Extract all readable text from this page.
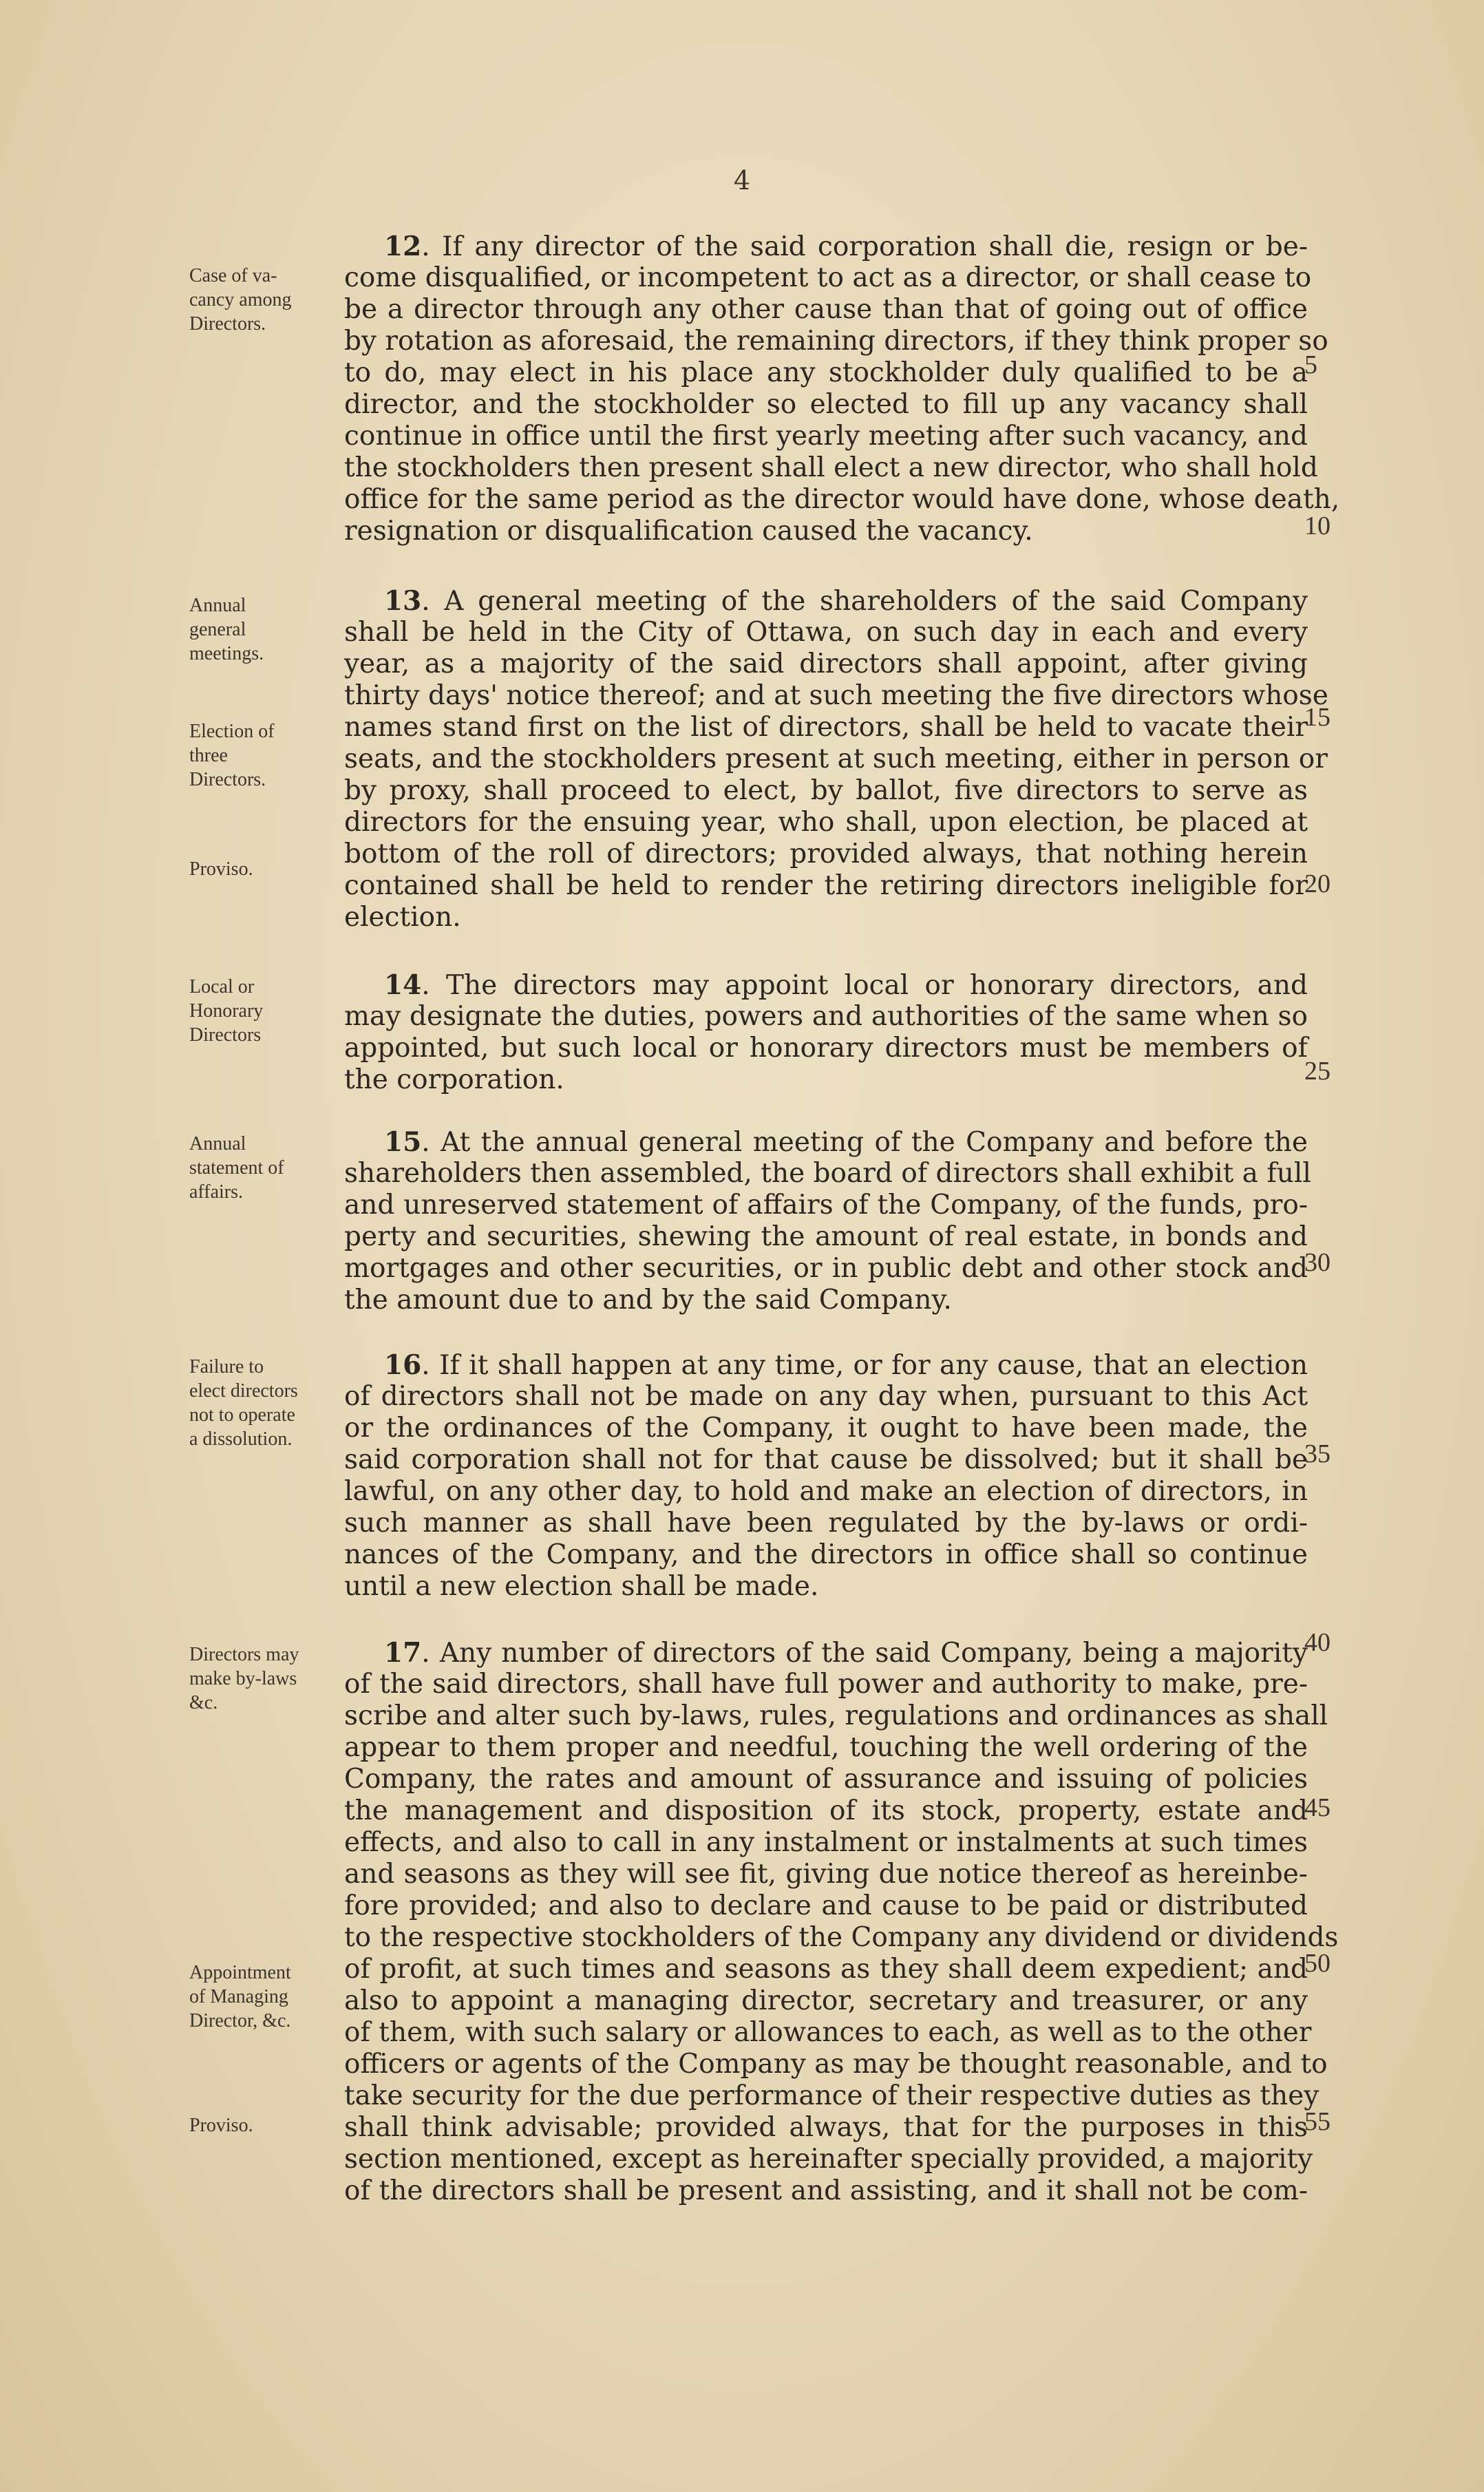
4
Case of va-
cancy among
Directors.
12. If any director of the said corporation shall die, resign or be-
come disqualified, or incompetent to act as a director, or shall cease to
be a director through any other cause than that of going out of office
by rotation as aforesaid, the remaining directors, if they think proper so
to do, may elect in his place any stockholder duly qualified to be a
director, and the stockholder so elected to fill up any vacancy shall
continue in office until the first yearly meeting after such vacancy, and
the stockholders then present shall elect a new director, who shall hold
office for the same period as the director would have done, whose death,
resignation or disqualification caused the vacancy.
Annual
general
meetings.
Election of
three
Directors.
Proviso.
13. A general meeting of the shareholders of the said Company
shall be held in the City of Ottawa, on such day in each and every
year, as a majority of the said directors shall appoint, after giving
thirty days' notice thereof; and at such meeting the five directors whose
names stand first on the list of directors, shall be held to vacate their
seats, and the stockholders present at such meeting, either in person or
by proxy, shall proceed to elect, by ballot, five directors to serve as
directors for the ensuing year, who shall, upon election, be placed at
bottom of the roll of directors; provided always, that nothing herein
contained shall be held to render the retiring directors ineligible for
election.
Local or
Honorary
Directors
14. The directors may appoint local or honorary directors, and
may designate the duties, powers and authorities of the same when so
appointed, but such local or honorary directors must be members of
the corporation.
Annual
statement of
affairs.
15. At the annual general meeting of the Company and before the
shareholders then assembled, the board of directors shall exhibit a full
and unreserved statement of affairs of the Company, of the funds, pro-
perty and securities, shewing the amount of real estate, in bonds and
mortgages and other securities, or in public debt and other stock and
the amount due to and by the said Company.
Failure to
elect directors
not to operate
a dissolution.
16. If it shall happen at any time, or for any cause, that an election
of directors shall not be made on any day when, pursuant to this Act
or the ordinances of the Company, it ought to have been made, the
said corporation shall not for that cause be dissolved; but it shall be
lawful, on any other day, to hold and make an election of directors, in
such manner as shall have been regulated by the by-laws or ordi-
nances of the Company, and the directors in office shall so continue
until a new election shall be made.
Directors may
make by-laws
&c.
Appointment
of Managing
Director, &c.
Proviso.
17. Any number of directors of the said Company, being a majority
of the said directors, shall have full power and authority to make, pre-
scribe and alter such by-laws, rules, regulations and ordinances as shall
appear to them proper and needful, touching the well ordering of the
Company, the rates and amount of assurance and issuing of policies
the management and disposition of its stock, property, estate and
effects, and also to call in any instalment or instalments at such times
and seasons as they will see fit, giving due notice thereof as hereinbe-
fore provided; and also to declare and cause to be paid or distributed
to the respective stockholders of the Company any dividend or dividends
of profit, at such times and seasons as they shall deem expedient; and
also to appoint a managing director, secretary and treasurer, or any
of them, with such salary or allowances to each, as well as to the other
officers or agents of the Company as may be thought reasonable, and to
take security for the due performance of their respective duties as they
shall think advisable; provided always, that for the purposes in this
section mentioned, except as hereinafter specially provided, a majority
of the directors shall be present and assisting, and it shall not be com-
5
10
15
20
25
30
35
40
45
50
55
